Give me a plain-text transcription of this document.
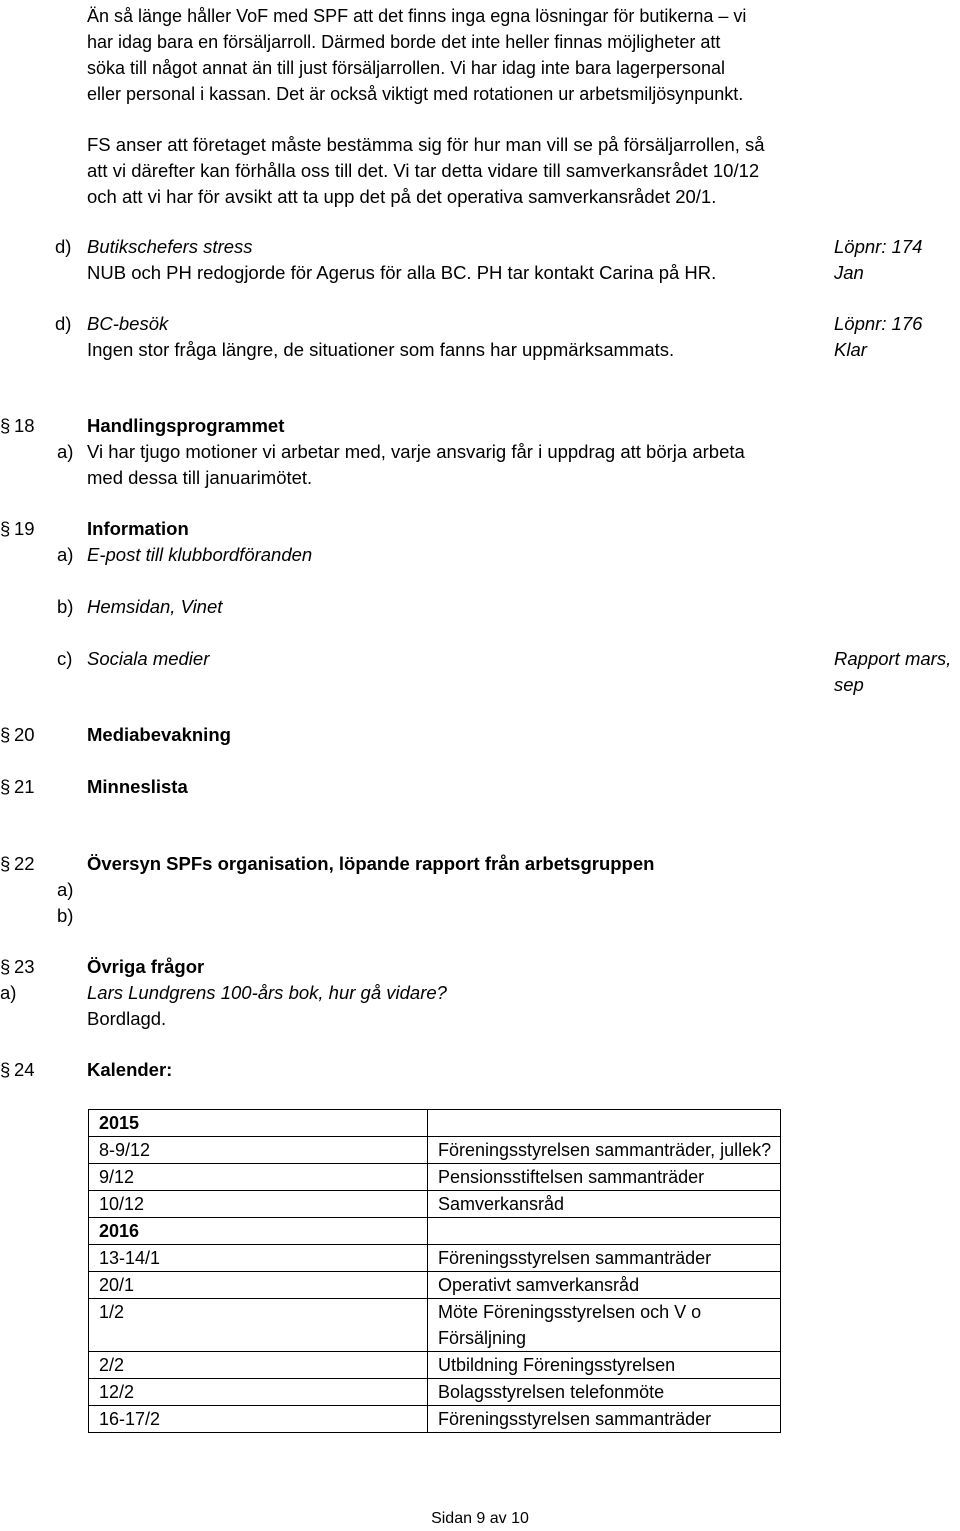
Än så länge håller VoF med SPF att det finns inga egna lösningar för butikerna – vi
har idag bara en försäljarroll. Därmed borde det inte heller finnas möjligheter att
söka till något annat än till just försäljarrollen. Vi har idag inte bara lagerpersonal
eller personal i kassan. Det är också viktigt med rotationen ur arbetsmiljösynpunkt.
FS anser att företaget måste bestämma sig för hur man vill se på försäljarrollen, så
att vi därefter kan förhålla oss till det. Vi tar detta vidare till samverkansrådet 10/12
och att vi har för avsikt att ta upp det på det operativa samverkansrådet 20/1.
d) Butikschefers stress	Löpnr: 174
NUB och PH redogjorde för Agerus för alla BC. PH tar kontakt Carina på HR.	Jan
d) BC-besök	Löpnr: 176
Ingen stor fråga längre, de situationer som fanns har uppmärksammats.	Klar
§ 18	Handlingsprogrammet
a) Vi har tjugo motioner vi arbetar med, varje ansvarig får i uppdrag att börja arbeta
med dessa till januarimötet.
§ 19	Information
a) E-post till klubbordföranden
b) Hemsidan, Vinet
c) Sociala medier	Rapport mars,
sep
§ 20	Mediabevakning
§ 21	Minneslista
§ 22	Översyn SPFs organisation, löpande rapport från arbetsgruppen
a)
b)
§ 23	Övriga frågor
a)	Lars Lundgrens 100-års bok, hur gå vidare?
Bordlagd.
§ 24	Kalender:
2015	
8-9/12	Föreningsstyrelsen sammanträder, jullek?
9/12	Pensionsstiftelsen sammanträder
10/12	Samverkansråd
2016	
13-14/1	Föreningsstyrelsen sammanträder
20/1	Operativt samverkansråd
1/2	Möte Föreningsstyrelsen och V o Försäljning
2/2	Utbildning Föreningsstyrelsen
12/2	Bolagsstyrelsen telefonmöte
16-17/2	Föreningsstyrelsen sammanträder
Sidan 9 av 10
